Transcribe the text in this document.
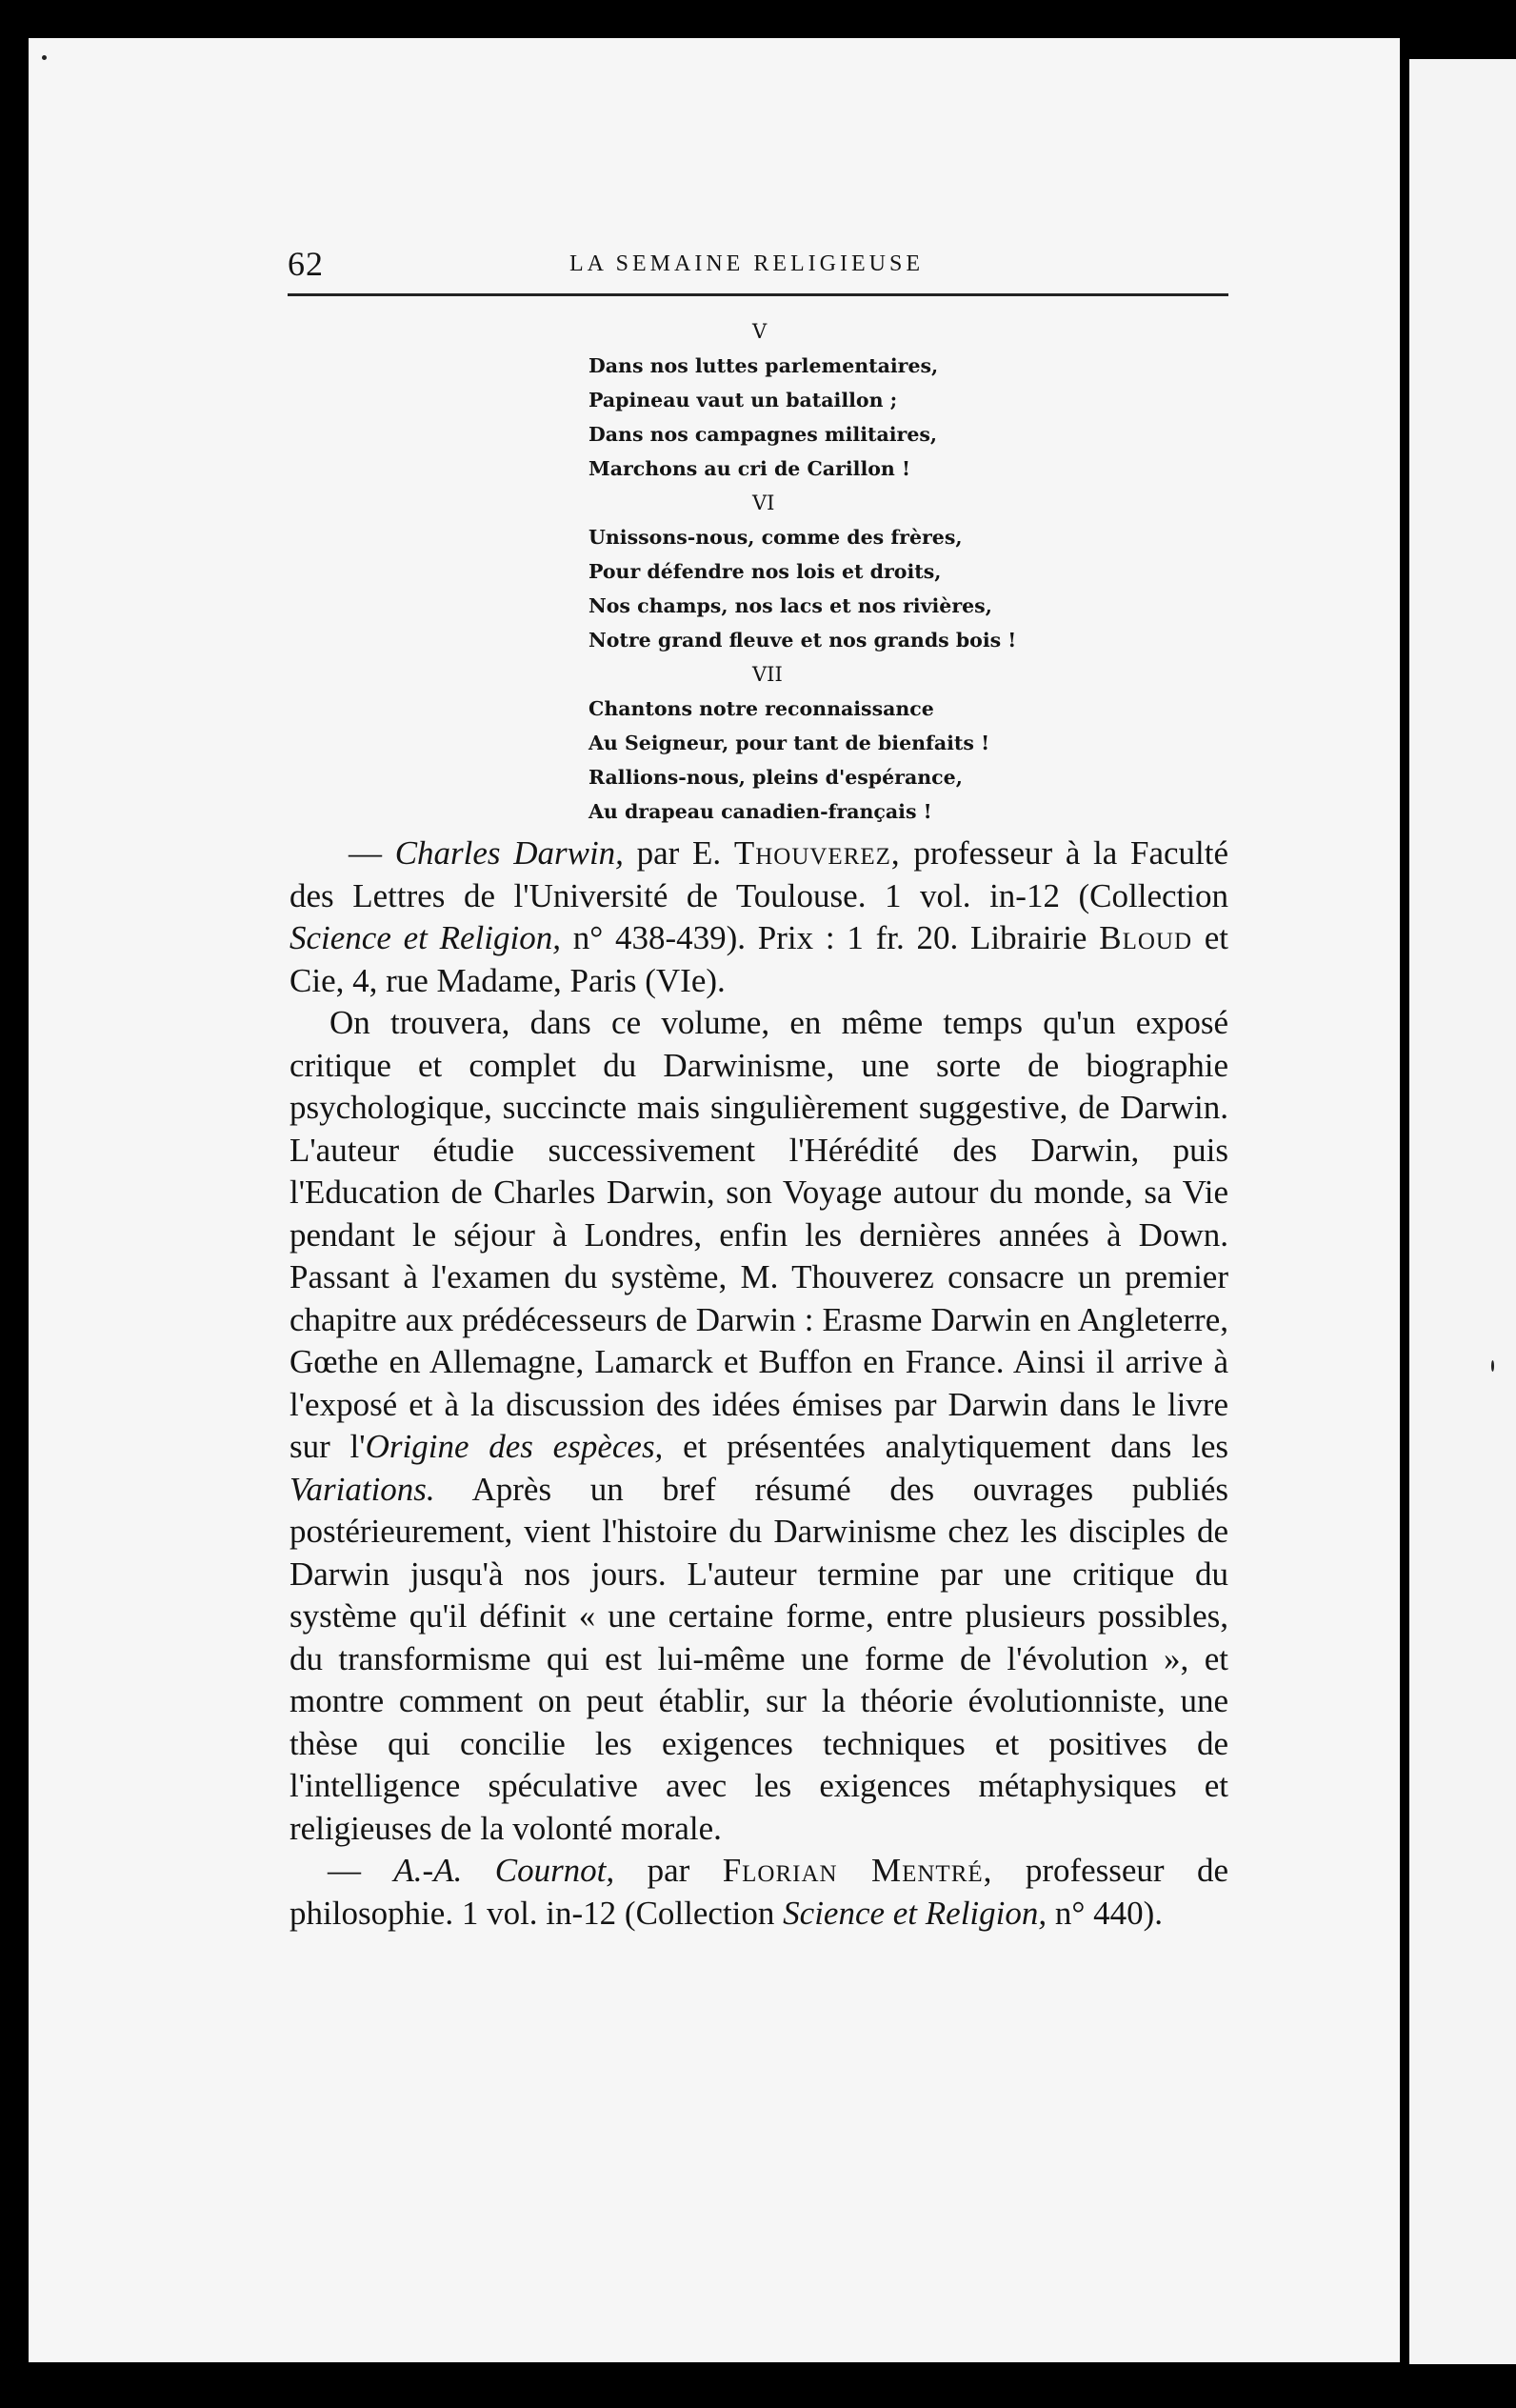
62	LA SEMAINE RELIGIEUSE
V
Dans nos luttes parlementaires,
Papineau vaut un bataillon ;
Dans nos campagnes militaires,
Marchons au cri de Carillon !
VI
Unissons-nous, comme des frères,
Pour défendre nos lois et droits,
Nos champs, nos lacs et nos rivières,
Notre grand fleuve et nos grands bois !
VII
Chantons notre reconnaissance
Au Seigneur, pour tant de bienfaits !
Rallions-nous, pleins d'espérance,
Au drapeau canadien-français !

— Charles Darwin, par E. Thouverez, professeur à la Faculté des Lettres de l'Université de Toulouse. 1 vol. in-12 (Collection Science et Religion, n° 438-439). Prix : 1 fr. 20. Librairie Bloud et Cie, 4, rue Madame, Paris (VIe).

On trouvera, dans ce volume, en même temps qu'un exposé critique et complet du Darwinisme, une sorte de biographie psychologique, succincte mais singulièrement suggestive, de Darwin. L'auteur étudie successivement l'Hérédité des Darwin, puis l'Education de Charles Darwin, son Voyage autour du monde, sa Vie pendant le séjour à Londres, enfin les dernières années à Down. Passant à l'examen du système, M. Thouverez consacre un premier chapitre aux prédécesseurs de Darwin : Erasme Darwin en Angleterre, Gœthe en Allemagne, Lamarck et Buffon en France. Ainsi il arrive à l'exposé et à la discussion des idées émises par Darwin dans le livre sur l'Origine des espèces, et présentées analytiquement dans les Variations. Après un bref résumé des ouvrages publiés postérieurement, vient l'histoire du Darwinisme chez les disciples de Darwin jusqu'à nos jours. L'auteur termine par une critique du système qu'il définit « une certaine forme, entre plusieurs possibles, du transformisme qui est lui-même une forme de l'évolution », et montre comment on peut établir, sur la théorie évolutionniste, une thèse qui concilie les exigences techniques et positives de l'intelligence spéculative avec les exigences métaphysiques et religieuses de la volonté morale.

— A.-A. Cournot, par Florian Mentré, professeur de philosophie. 1 vol. in-12 (Collection Science et Religion, n° 440).
